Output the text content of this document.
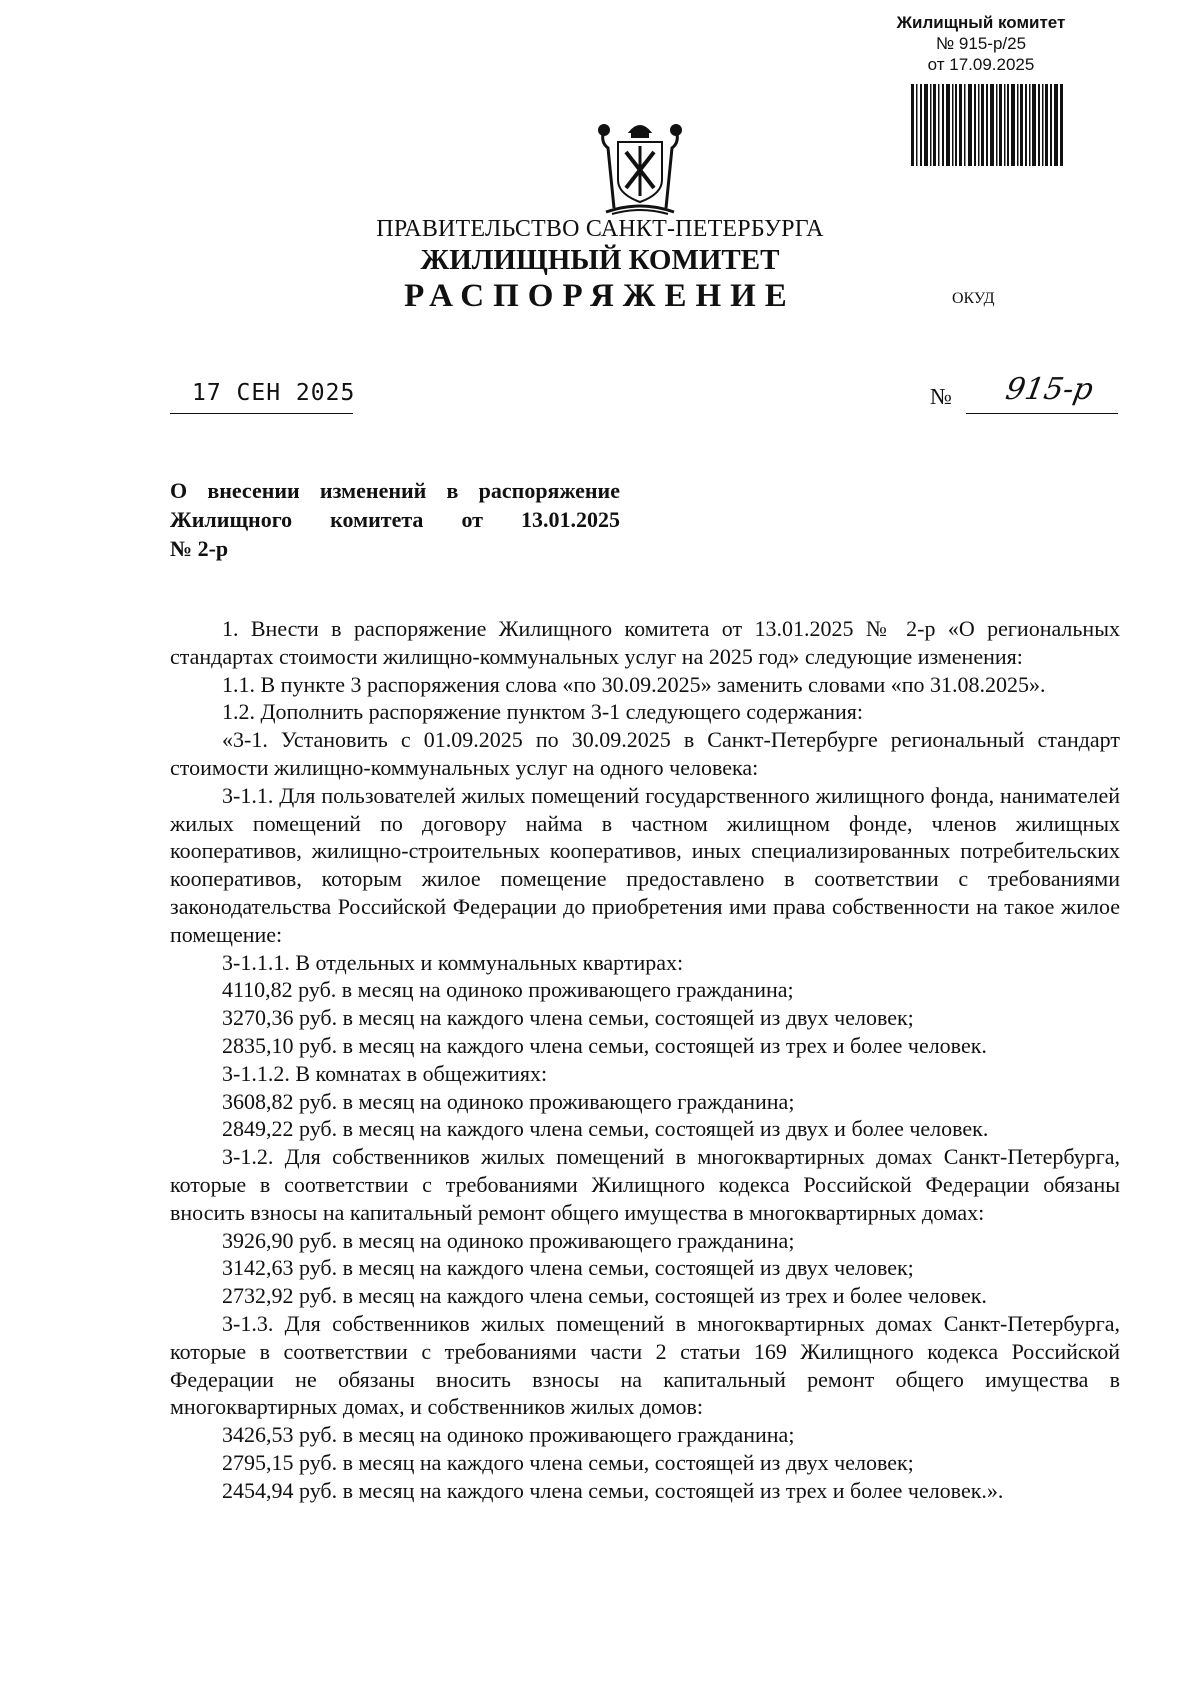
Жилищный комитет
№ 915-р/25
от 17.09.2025
ПРАВИТЕЛЬСТВО САНКТ-ПЕТЕРБУРГА
ЖИЛИЩНЫЙ КОМИТЕТ
РАСПОРЯЖЕНИЕ	ОКУД
17 СЕН 2025	№ 915-р
О внесении изменений в распоряжение
Жилищного комитета от 13.01.2025
№ 2-р

1. Внести в распоряжение Жилищного комитета от 13.01.2025 № 2-р «О региональных стандартах стоимости жилищно-коммунальных услуг на 2025 год» следующие изменения:

1.1. В пункте 3 распоряжения слова «по 30.09.2025» заменить словами «по 31.08.2025».

1.2. Дополнить распоряжение пунктом 3-1 следующего содержания:

«3-1. Установить с 01.09.2025 по 30.09.2025 в Санкт-Петербурге региональный стандарт стоимости жилищно-коммунальных услуг на одного человека:

3-1.1. Для пользователей жилых помещений государственного жилищного фонда, нанимателей жилых помещений по договору найма в частном жилищном фонде, членов жилищных кооперативов, жилищно-строительных кооперативов, иных специализированных потребительских кооперативов, которым жилое помещение предоставлено в соответствии с требованиями законодательства Российской Федерации до приобретения ими права собственности на такое жилое помещение:

3-1.1.1. В отдельных и коммунальных квартирах:

4110,82 руб. в месяц на одиноко проживающего гражданина;

3270,36 руб. в месяц на каждого члена семьи, состоящей из двух человек;

2835,10 руб. в месяц на каждого члена семьи, состоящей из трех и более человек.

3-1.1.2. В комнатах в общежитиях:

3608,82 руб. в месяц на одиноко проживающего гражданина;

2849,22 руб. в месяц на каждого члена семьи, состоящей из двух и более человек.

3-1.2. Для собственников жилых помещений в многоквартирных домах Санкт-Петербурга, которые в соответствии с требованиями Жилищного кодекса Российской Федерации обязаны вносить взносы на капитальный ремонт общего имущества в многоквартирных домах:

3926,90 руб. в месяц на одиноко проживающего гражданина;

3142,63 руб. в месяц на каждого члена семьи, состоящей из двух человек;

2732,92 руб. в месяц на каждого члена семьи, состоящей из трех и более человек.

3-1.3. Для собственников жилых помещений в многоквартирных домах Санкт-Петербурга, которые в соответствии с требованиями части 2 статьи 169 Жилищного кодекса Российской Федерации не обязаны вносить взносы на капитальный ремонт общего имущества в многоквартирных домах, и собственников жилых домов:

3426,53 руб. в месяц на одиноко проживающего гражданина;

2795,15 руб. в месяц на каждого члена семьи, состоящей из двух человек;

2454,94 руб. в месяц на каждого члена семьи, состоящей из трех и более человек.».
